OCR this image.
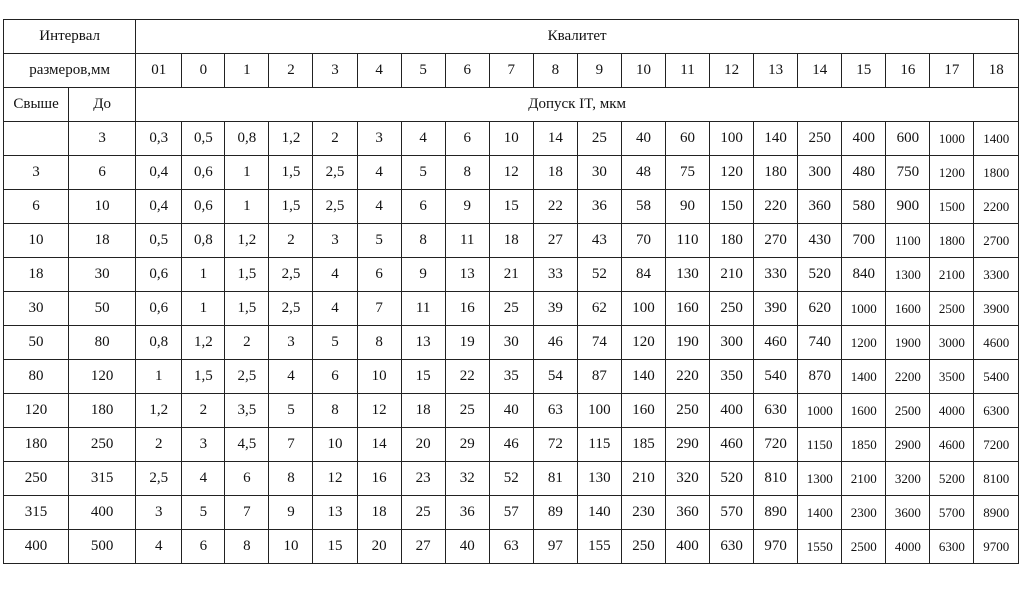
Интервал		Квалитет																			
размеров,мм		01	0	1	2	3	4	5	6	7	8	9	10	11	12	13	14	15	16	17	18
Свыше	До	Допуск IT, мкм																			
	3	0,3	0,5	0,8	1,2	2	3	4	6	10	14	25	40	60	100	140	250	400	600	1000	1400
3	6	0,4	0,6	1	1,5	2,5	4	5	8	12	18	30	48	75	120	180	300	480	750	1200	1800
6	10	0,4	0,6	1	1,5	2,5	4	6	9	15	22	36	58	90	150	220	360	580	900	1500	2200
10	18	0,5	0,8	1,2	2	3	5	8	11	18	27	43	70	110	180	270	430	700	1100	1800	2700
18	30	0,6	1	1,5	2,5	4	6	9	13	21	33	52	84	130	210	330	520	840	1300	2100	3300
30	50	0,6	1	1,5	2,5	4	7	11	16	25	39	62	100	160	250	390	620	1000	1600	2500	3900
50	80	0,8	1,2	2	3	5	8	13	19	30	46	74	120	190	300	460	740	1200	1900	3000	4600
80	120	1	1,5	2,5	4	6	10	15	22	35	54	87	140	220	350	540	870	1400	2200	3500	5400
120	180	1,2	2	3,5	5	8	12	18	25	40	63	100	160	250	400	630	1000	1600	2500	4000	6300
180	250	2	3	4,5	7	10	14	20	29	46	72	115	185	290	460	720	1150	1850	2900	4600	7200
250	315	2,5	4	6	8	12	16	23	32	52	81	130	210	320	520	810	1300	2100	3200	5200	8100
315	400	3	5	7	9	13	18	25	36	57	89	140	230	360	570	890	1400	2300	3600	5700	8900
400	500	4	6	8	10	15	20	27	40	63	97	155	250	400	630	970	1550	2500	4000	6300	9700
